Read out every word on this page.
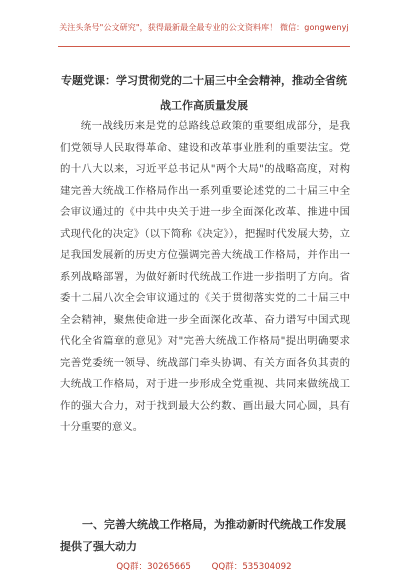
关注头条号"公文研究"，获得最新最全最专业的公文资料库！ 微信：gongwenyj
专题党课：学习贯彻党的二十届三中全会精神，推动全省统战工作高质量发展

统一战线历来是党的总路线总政策的重要组成部分，是我们党领导人民取得革命、建设和改革事业胜利的重要法宝。党的十八大以来，习近平总书记从"两个大局"的战略高度，对构建完善大统战工作格局作出一系列重要论述党的二十届三中全会审议通过的《中共中央关于进一步全面深化改革、推进中国式现代化的决定》（以下简称《决定》），把握时代发展大势，立足我国发展新的历史方位强调完善大统战工作格局，并作出一系列战略部署，为做好新时代统战工作进一步指明了方向。省委十二届八次全会审议通过的《关于贯彻落实党的二十届三中全会精神，聚焦使命进一步全面深化改革、奋力谱写中国式现代化全省篇章的意见》对"完善大统战工作格局"提出明确要求完善党委统一领导、统战部门牵头协调、有关方面各负其责的大统战工作格局，对于进一步形成全党重视、共同来做统战工作的强大合力，对于找到最大公约数、画出最大同心圆，具有十分重要的意义。

一、完善大统战工作格局，为推动新时代统战工作发展提供了强大动力

QQ群：30265665 QQ群：535304092
